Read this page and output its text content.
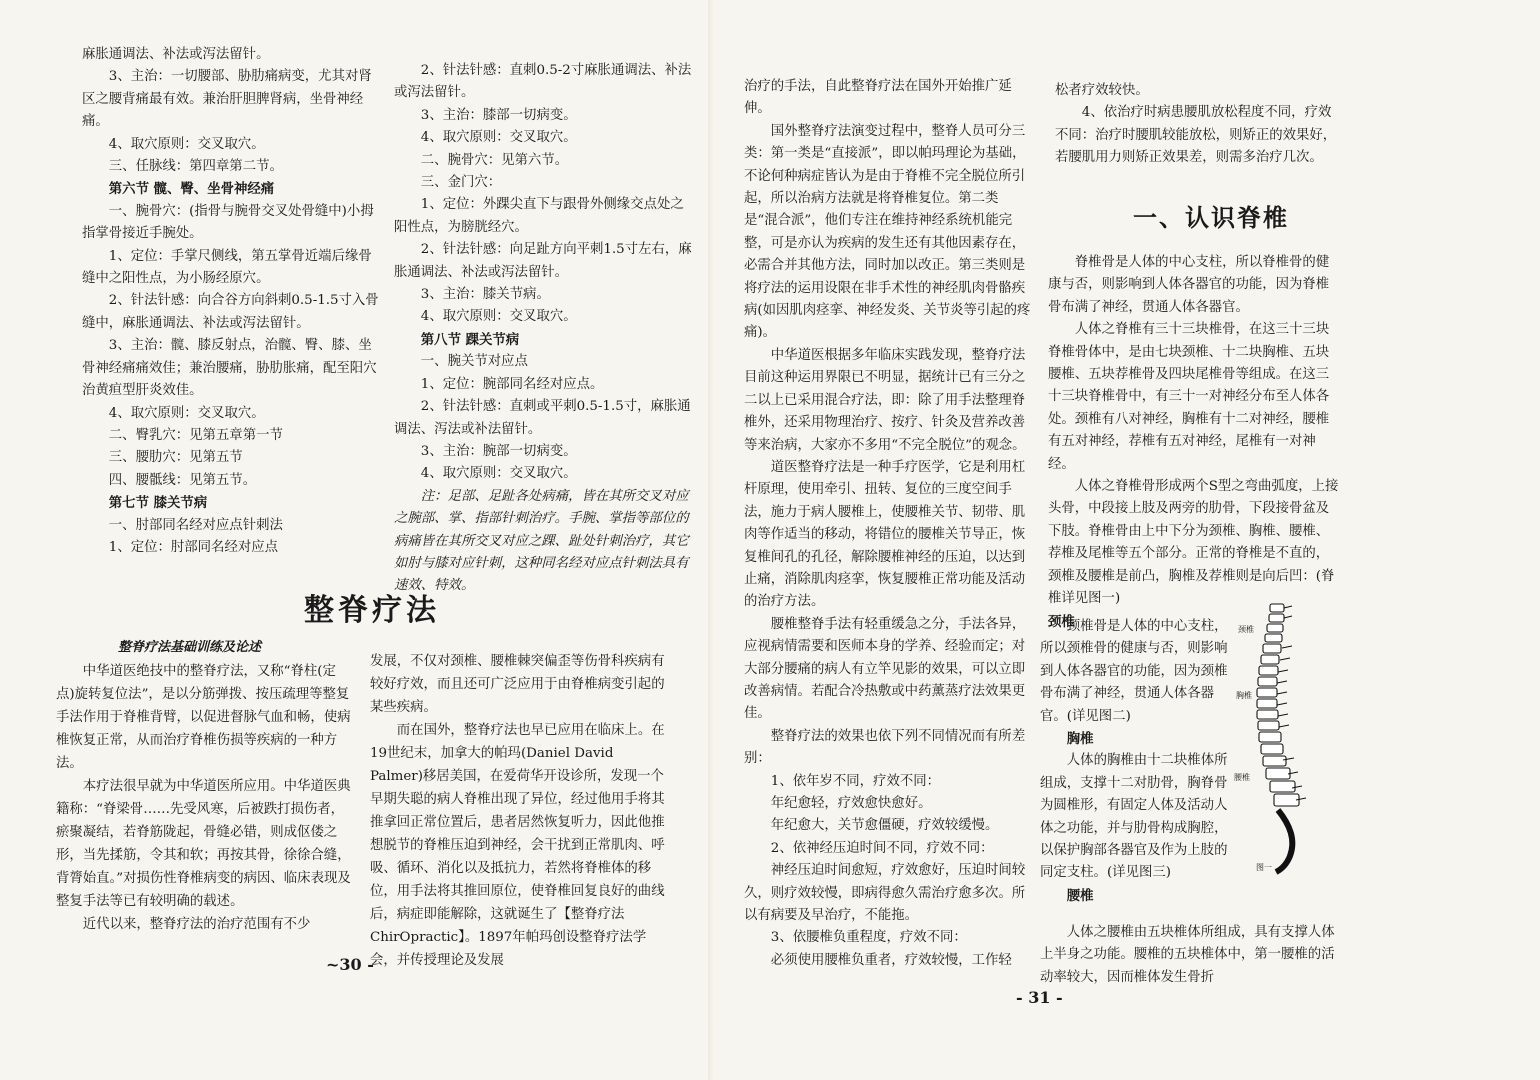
麻胀通调法、补法或泻法留针。

3、主治：一切腰部、胁肋痛病变，尤其对肾区之腰背痛最有效。兼治肝胆脾肾病，坐骨神经痛。

4、取穴原则：交叉取穴。

三、任脉线：第四章第二节。

第六节 髋、臀、坐骨神经痛

一、腕骨穴：(指骨与腕骨交叉处骨缝中)小拇指掌骨接近手腕处。

1、定位：手掌尺侧线，第五掌骨近端后缘骨缝中之阳性点，为小肠经原穴。

2、针法针感：向合谷方向斜刺0.5-1.5寸入骨缝中，麻胀通调法、补法或泻法留针。

3、主治：髋、膝反射点，治髋、臀、膝、坐骨神经痛痛效佳；兼治腰痛，胁肋胀痛，配至阳穴治黄疸型肝炎效佳。

4、取穴原则：交叉取穴。

二、臀乳穴：见第五章第一节

三、腰肋穴：见第五节

四、腰骶线：见第五节。

第七节 膝关节病

一、肘部同名经对应点针刺法

1、定位：肘部同名经对应点

2、针法针感：直刺0.5-2寸麻胀通调法、补法或泻法留针。

3、主治：膝部一切病变。

4、取穴原则：交叉取穴。

二、腕骨穴：见第六节。

三、金门穴：

1、定位：外踝尖直下与跟骨外侧缘交点处之阳性点，为膀胱经穴。

2、针法针感：向足趾方向平刺1.5寸左右，麻胀通调法、补法或泻法留针。

3、主治：膝关节病。

4、取穴原则：交叉取穴。

第八节 踝关节病

一、腕关节对应点

1、定位：腕部同名经对应点。

2、针法针感：直刺或平刺0.5-1.5寸，麻胀通调法、泻法或补法留针。

3、主治：腕部一切病变。

4、取穴原则：交叉取穴。

注：足部、足趾各处病痛，皆在其所交叉对应之腕部、掌、指部针刺治疗。手腕、掌指等部位的病痛皆在其所交叉对应之踝、趾处针刺治疗，其它如肘与膝对应针刺，这种同名经对应点针刺法具有速效、特效。

整脊疗法
整脊疗法基础训练及论述

中华道医绝技中的整脊疗法，又称“脊柱(定点)旋转复位法”，是以分筋弹拨、按压疏理等整复手法作用于脊椎背臂，以促进督脉气血和畅，使病椎恢复正常，从而治疗脊椎伤损等疾病的一种方法。

本疗法很早就为中华道医所应用。中华道医典籍称：“脊梁骨……先受风寒，后被跌打损伤者，瘀聚凝结，若脊筋陇起，骨缝必错，则成伛偻之形，当先揉筋，令其和软；再按其骨，徐徐合缝，背膂始直。”对损伤性脊椎病变的病因、临床表现及整复手法等已有较明确的载述。

近代以来，整脊疗法的治疗范围有不少

发展，不仅对颈椎、腰椎棘突偏歪等伤骨科疾病有较好疗效，而且还可广泛应用于由脊椎病变引起的某些疾病。

而在国外，整脊疗法也早已应用在临床上。在19世纪末，加拿大的帕玛(Daniel David Palmer)移居美国，在爱荷华开设诊所，发现一个早期失聪的病人脊椎出现了异位，经过他用手将其推拿回正常位置后，患者居然恢复听力，因此他推想脱节的脊椎压迫到神经，会干扰到正常肌肉、呼吸、循环、消化以及抵抗力，若然将脊椎体的移位，用手法将其推回原位，使脊椎回复良好的曲线后，病症即能解除，这就诞生了【整脊疗法 ChirOpractic】。1897年帕玛创设整脊疗法学会，并传授理论及发展

~30 -

治疗的手法，自此整脊疗法在国外开始推广延伸。

国外整脊疗法演变过程中，整脊人员可分三类：第一类是“直接派”，即以帕玛理论为基础，不论何种病症皆认为是由于脊椎不完全脱位所引起，所以治病方法就是将脊椎复位。第二类是“混合派”，他们专注在维持神经系统机能完整，可是亦认为疾病的发生还有其他因素存在，必需合并其他方法，同时加以改正。第三类则是将疗法的运用设限在非手术性的神经肌肉骨骼疾病(如因肌肉痉挛、神经发炎、关节炎等引起的疼痛)。

中华道医根据多年临床实践发现，整脊疗法目前这种运用界限已不明显，据统计已有三分之二以上已采用混合疗法，即：除了用手法整理脊椎外，还采用物理治疗、按疗、针灸及营养改善等来治病，大家亦不多用“不完全脱位”的观念。

道医整脊疗法是一种手疗医学，它是利用杠杆原理，使用牵引、扭转、复位的三度空间手法，施力于病人腰椎上，使腰椎关节、韧带、肌肉等作适当的移动，将错位的腰椎关节导正，恢复椎间孔的孔径，解除腰椎神经的压迫，以达到止痛，消除肌肉痉挛，恢复腰椎正常功能及活动的治疗方法。

腰椎整脊手法有轻重缓急之分，手法各异，应视病情需要和医师本身的学养、经验而定；对大部分腰痛的病人有立竿见影的效果，可以立即改善病情。若配合冷热敷或中药薰蒸疗法效果更佳。

整脊疗法的效果也依下列不同情况而有所差别：

1、依年岁不同，疗效不同：

年纪愈轻，疗效愈快愈好。

年纪愈大，关节愈僵硬，疗效较缓慢。

2、依神经压迫时间不同，疗效不同：

神经压迫时间愈短，疗效愈好，压迫时间较久，则疗效较慢，即病得愈久需治疗愈多次。所以有病要及早治疗，不能拖。

3、依腰椎负重程度，疗效不同：

必须使用腰椎负重者，疗效较慢，工作轻

松者疗效较快。

4、依治疗时病患腰肌放松程度不同，疗效不同：治疗时腰肌较能放松，则矫正的效果好，若腰肌用力则矫正效果差，则需多治疗几次。

一、认识脊椎

脊椎骨是人体的中心支柱，所以脊椎骨的健康与否，则影响到人体各器官的功能，因为脊椎骨布满了神经，贯通人体各器官。

人体之脊椎有三十三块椎骨，在这三十三块脊椎骨体中，是由七块颈椎、十二块胸椎、五块腰椎、五块荐椎骨及四块尾椎骨等组成。在这三十三块脊椎骨中，有三十一对神经分布至人体各处。颈椎有八对神经，胸椎有十二对神经，腰椎有五对神经，荐椎有五对神经，尾椎有一对神经。

人体之脊椎骨形成两个S型之弯曲弧度，上接头骨，中段接上肢及两旁的肋骨，下段接骨盆及下肢。脊椎骨由上中下分为颈椎、胸椎、腰椎、荐椎及尾椎等五个部分。正常的脊椎是不直的，颈椎及腰椎是前凸，胸椎及荐椎则是向后凹：(脊椎详见图一)

颈椎

颈椎骨是人体的中心支柱，所以颈椎骨的健康与否，则影响到人体各器官的功能，因为颈椎骨布满了神经，贯通人体各器官。(详见图二)

胸椎

人体的胸椎由十二块椎体所组成，支撑十二对肋骨，胸脊骨为圆椎形，有固定人体及活动人体之功能，并与肋骨构成胸腔，以保护胸部各器官及作为上肢的同定支柱。(详见图三)

腰椎

人体之腰椎由五块椎体所组成，具有支撑人体上半身之功能。腰椎的五块椎体中，第一腰椎的活动率较大，因而椎体发生骨折

- 31 -
颈椎
胸椎
腰椎
图一
